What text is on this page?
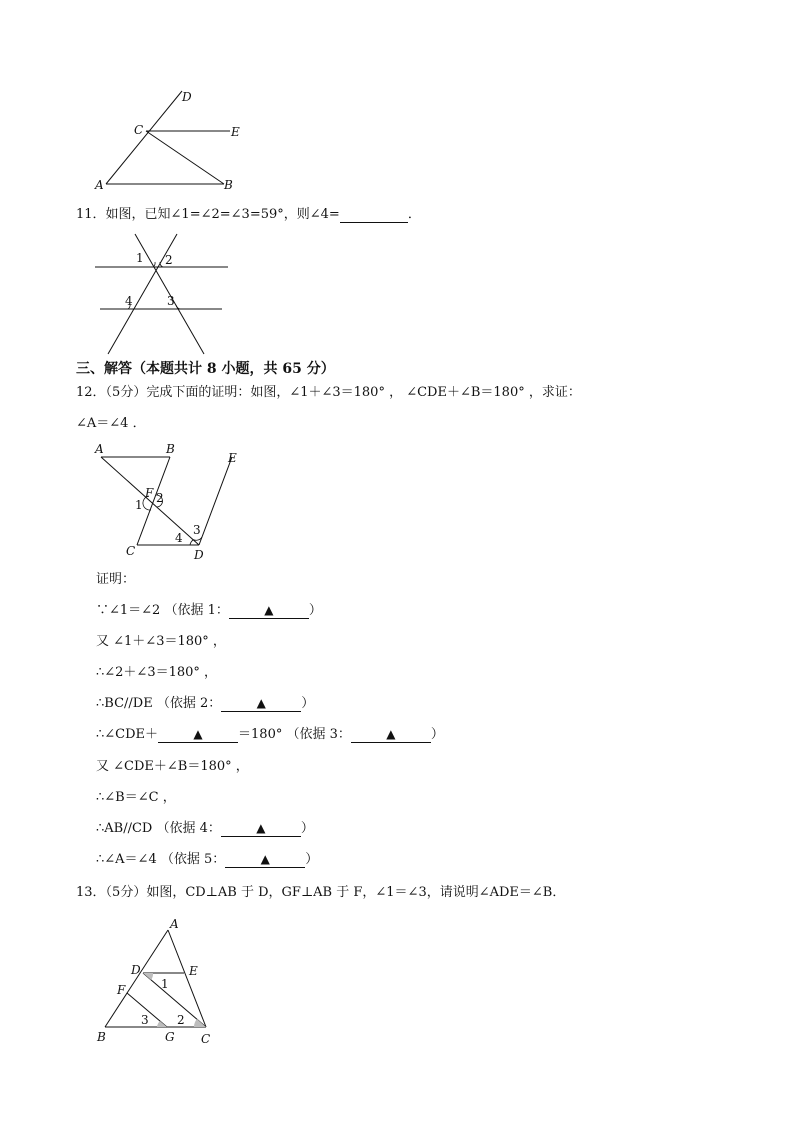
D
C	E
A	B
11．如图，已知∠1=∠2=∠3=59°，则∠4=	．
1 2
4	3
三、解答（本题共计 8 小题，共 65 分）
12．（5分）完成下面的证明：如图，∠1＋∠3＝180° ， ∠CDE＋∠B＝180° ，求证：
∠A＝∠4 ．
A	B
E
F
1 2
3
4
C	D
证明：
∵∠1＝∠2 （依据 1：	▲	）
又 ∠1＋∠3＝180° ，
∴∠2＋∠3＝180° ，
∴BC//DE （依据 2：	▲	）
∴∠CDE＋	▲	＝180° （依据 3：	▲	）
又 ∠CDE＋∠B＝180° ，
∴∠B＝∠C ，
∴AB//CD （依据 4：	▲	）
∴∠A＝∠4 （依据 5：	▲	）
13．（5分）如图，CD⊥AB 于 D，GF⊥AB 于 F，∠1＝∠3，请说明∠ADE＝∠B．
A
D	E
F	1
2
3
B	G C
